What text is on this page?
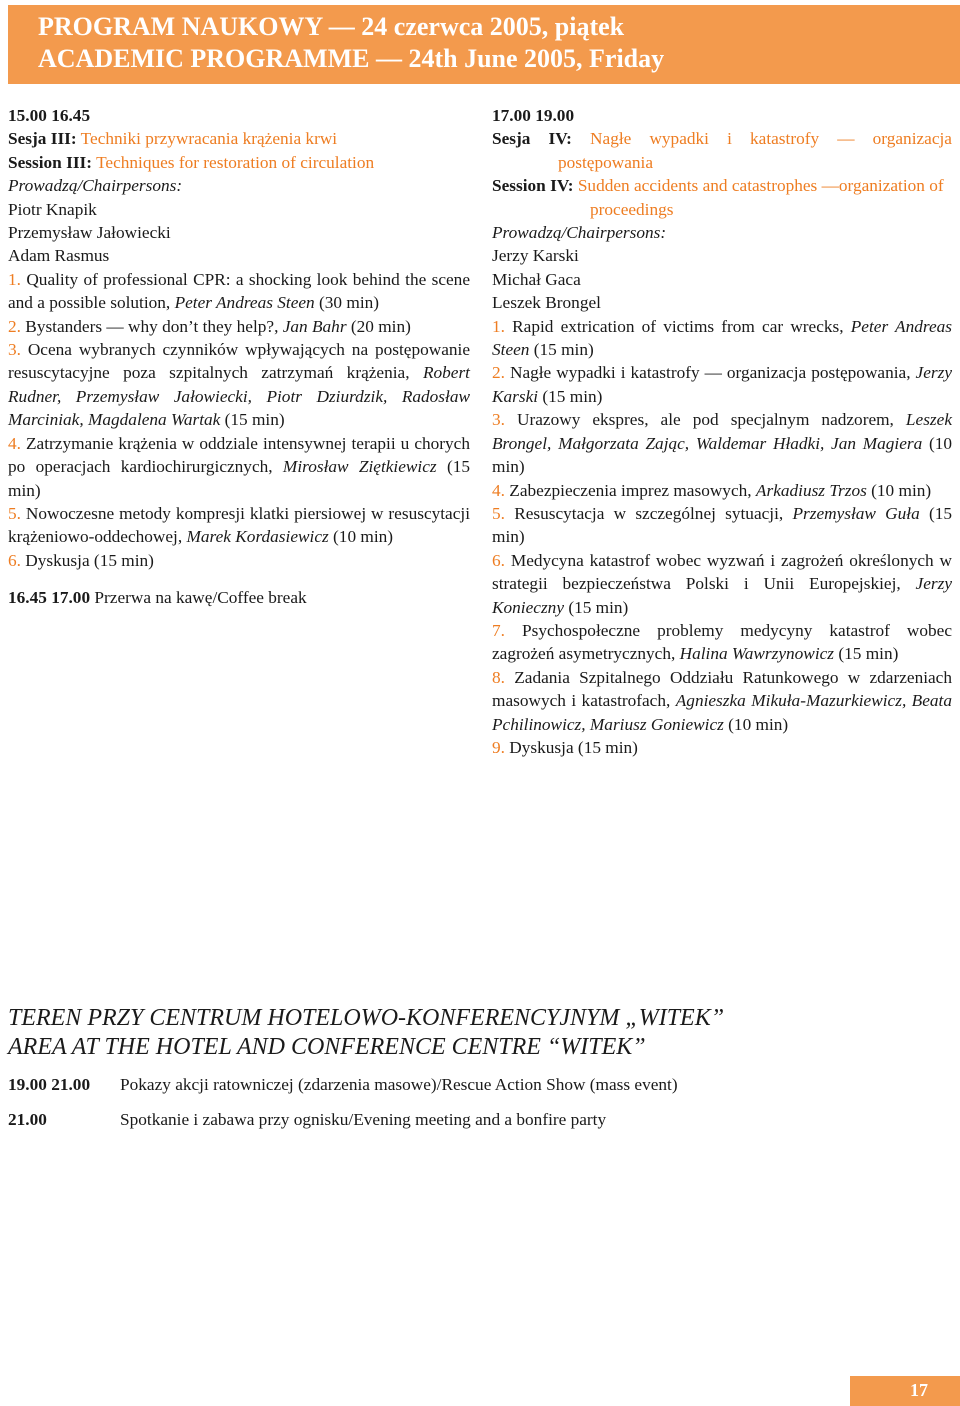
PROGRAM NAUKOWY — 24 czerwca 2005, piątek
ACADEMIC PROGRAMME — 24th June 2005, Friday

15.00 16.45

Sesja III: Techniki przywracania krążenia krwi

Session III: Techniques for restoration of circulation

Prowadzą/Chairpersons:

Piotr Knapik

Przemysław Jałowiecki

Adam Rasmus

1. Quality of professional CPR: a shocking look behind the scene and a possible solution, Peter Andreas Steen (30 min)

2. Bystanders — why don’t they help?, Jan Bahr (20 min)

3. Ocena wybranych czynników wpływających na postępowanie resuscytacyjne poza szpitalnych zatrzymań krążenia, Robert Rudner, Przemysław Jałowiecki, Piotr Dziurdzik, Radosław Marciniak, Magdalena Wartak (15 min)

4. Zatrzymanie krążenia w oddziale intensywnej terapii u chorych po operacjach kardiochirurgicznych, Mirosław Ziętkiewicz (15 min)

5. Nowoczesne metody kompresji klatki piersiowej w resuscytacji krążeniowo-oddechowej, Marek Kordasiewicz (10 min)

6. Dyskusja (15 min)

16.45 17.00 Przerwa na kawę/Coffee break

17.00 19.00

Sesja IV: Nagłe wypadki i katastrofy — organizacja postępowania

Session IV: Sudden accidents and catastrophes —organization of proceedings

Prowadzą/Chairpersons:

Jerzy Karski

Michał Gaca

Leszek Brongel

1. Rapid extrication of victims from car wrecks, Peter Andreas Steen (15 min)

2. Nagłe wypadki i katastrofy — organizacja postępowania, Jerzy Karski (15 min)

3. Urazowy ekspres, ale pod specjalnym nadzorem, Leszek Brongel, Małgorzata Zając, Waldemar Hładki, Jan Magiera (10 min)

4. Zabezpieczenia imprez masowych, Arkadiusz Trzos (10 min)

5. Resuscytacja w szczególnej sytuacji, Przemysław Guła (15 min)

6. Medycyna katastrof wobec wyzwań i zagrożeń określonych w strategii bezpieczeństwa Polski i Unii Europejskiej, Jerzy Konieczny (15 min)

7. Psychospołeczne problemy medycyny katastrof wobec zagrożeń asymetrycznych, Halina Wawrzynowicz (15 min)

8. Zadania Szpitalnego Oddziału Ratunkowego w zdarzeniach masowych i katastrofach, Agnieszka Mikuła-Mazurkiewicz, Beata Pchilinowicz, Mariusz Goniewicz (10 min)

9. Dyskusja (15 min)

TEREN PRZY CENTRUM HOTELOWO-KONFERENCYJNYM „WITEK”
AREA AT THE HOTEL AND CONFERENCE CENTRE “WITEK”
19.00 21.00 Pokazy akcji ratowniczej (zdarzenia masowe)/Rescue Action Show (mass event)
21.00	Spotkanie i zabawa przy ognisku/Evening meeting and a bonfire party
17
